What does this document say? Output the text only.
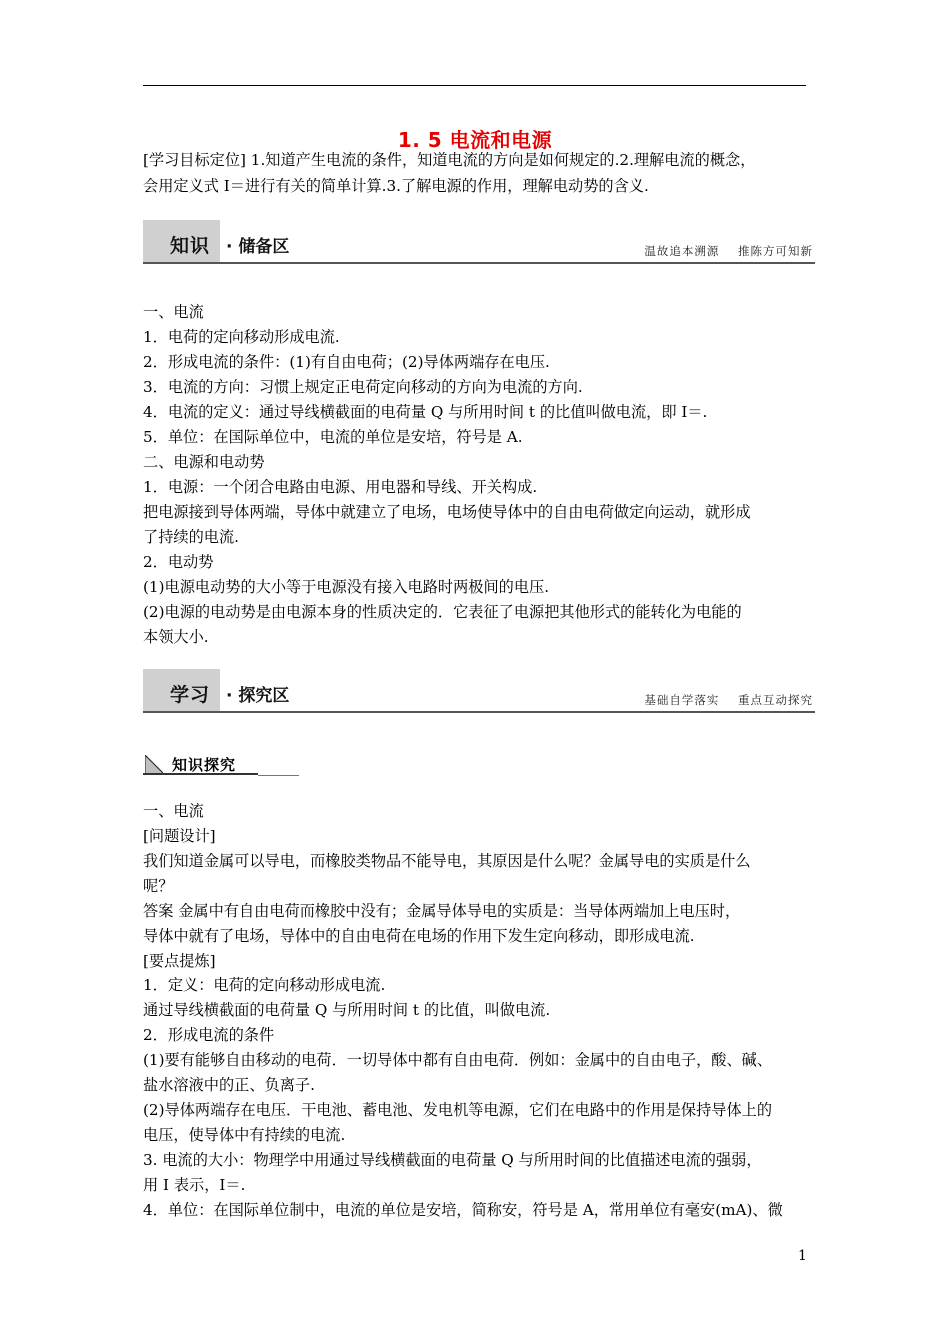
1. 5 电流和电源
[学习目标定位] 1.知道产生电流的条件，知道电流的方向是如何规定的.2.理解电流的概念，
会用定义式 I＝进行有关的简单计算.3.了解电源的作用，理解电动势的含义.
知识 · 储备区	温故追本溯源    推陈方可知新
一、电流
1．电荷的定向移动形成电流.
2．形成电流的条件：(1)有自由电荷；(2)导体两端存在电压.
3．电流的方向：习惯上规定正电荷定向移动的方向为电流的方向.
4．电流的定义：通过导线横截面的电荷量 Q 与所用时间 t 的比值叫做电流，即 I＝.
5．单位：在国际单位中，电流的单位是安培，符号是 A.
二、电源和电动势
1．电源：一个闭合电路由电源、用电器和导线、开关构成.
把电源接到导体两端，导体中就建立了电场，电场使导体中的自由电荷做定向运动，就形成
了持续的电流.
2．电动势
(1)电源电动势的大小等于电源没有接入电路时两极间的电压.
(2)电源的电动势是由电源本身的性质决定的．它表征了电源把其他形式的能转化为电能的
本领大小.
学习 · 探究区	基础自学落实    重点互动探究
知识探究
一、电流
[问题设计]
我们知道金属可以导电，而橡胶类物品不能导电，其原因是什么呢？金属导电的实质是什么
呢？
答案 金属中有自由电荷而橡胶中没有；金属导体导电的实质是：当导体两端加上电压时，
导体中就有了电场，导体中的自由电荷在电场的作用下发生定向移动，即形成电流.
[要点提炼]
1．定义：电荷的定向移动形成电流.
通过导线横截面的电荷量 Q 与所用时间 t 的比值，叫做电流.
2．形成电流的条件
(1)要有能够自由移动的电荷．一切导体中都有自由电荷．例如：金属中的自由电子，酸、碱、
盐水溶液中的正、负离子.
(2)导体两端存在电压．干电池、蓄电池、发电机等电源，它们在电路中的作用是保持导体上的
电压，使导体中有持续的电流.
3. 电流的大小：物理学中用通过导线横截面的电荷量 Q 与所用时间的比值描述电流的强弱，
用 I 表示，I＝.
4．单位：在国际单位制中，电流的单位是安培，简称安，符号是 A，常用单位有毫安(mA)、微
1
